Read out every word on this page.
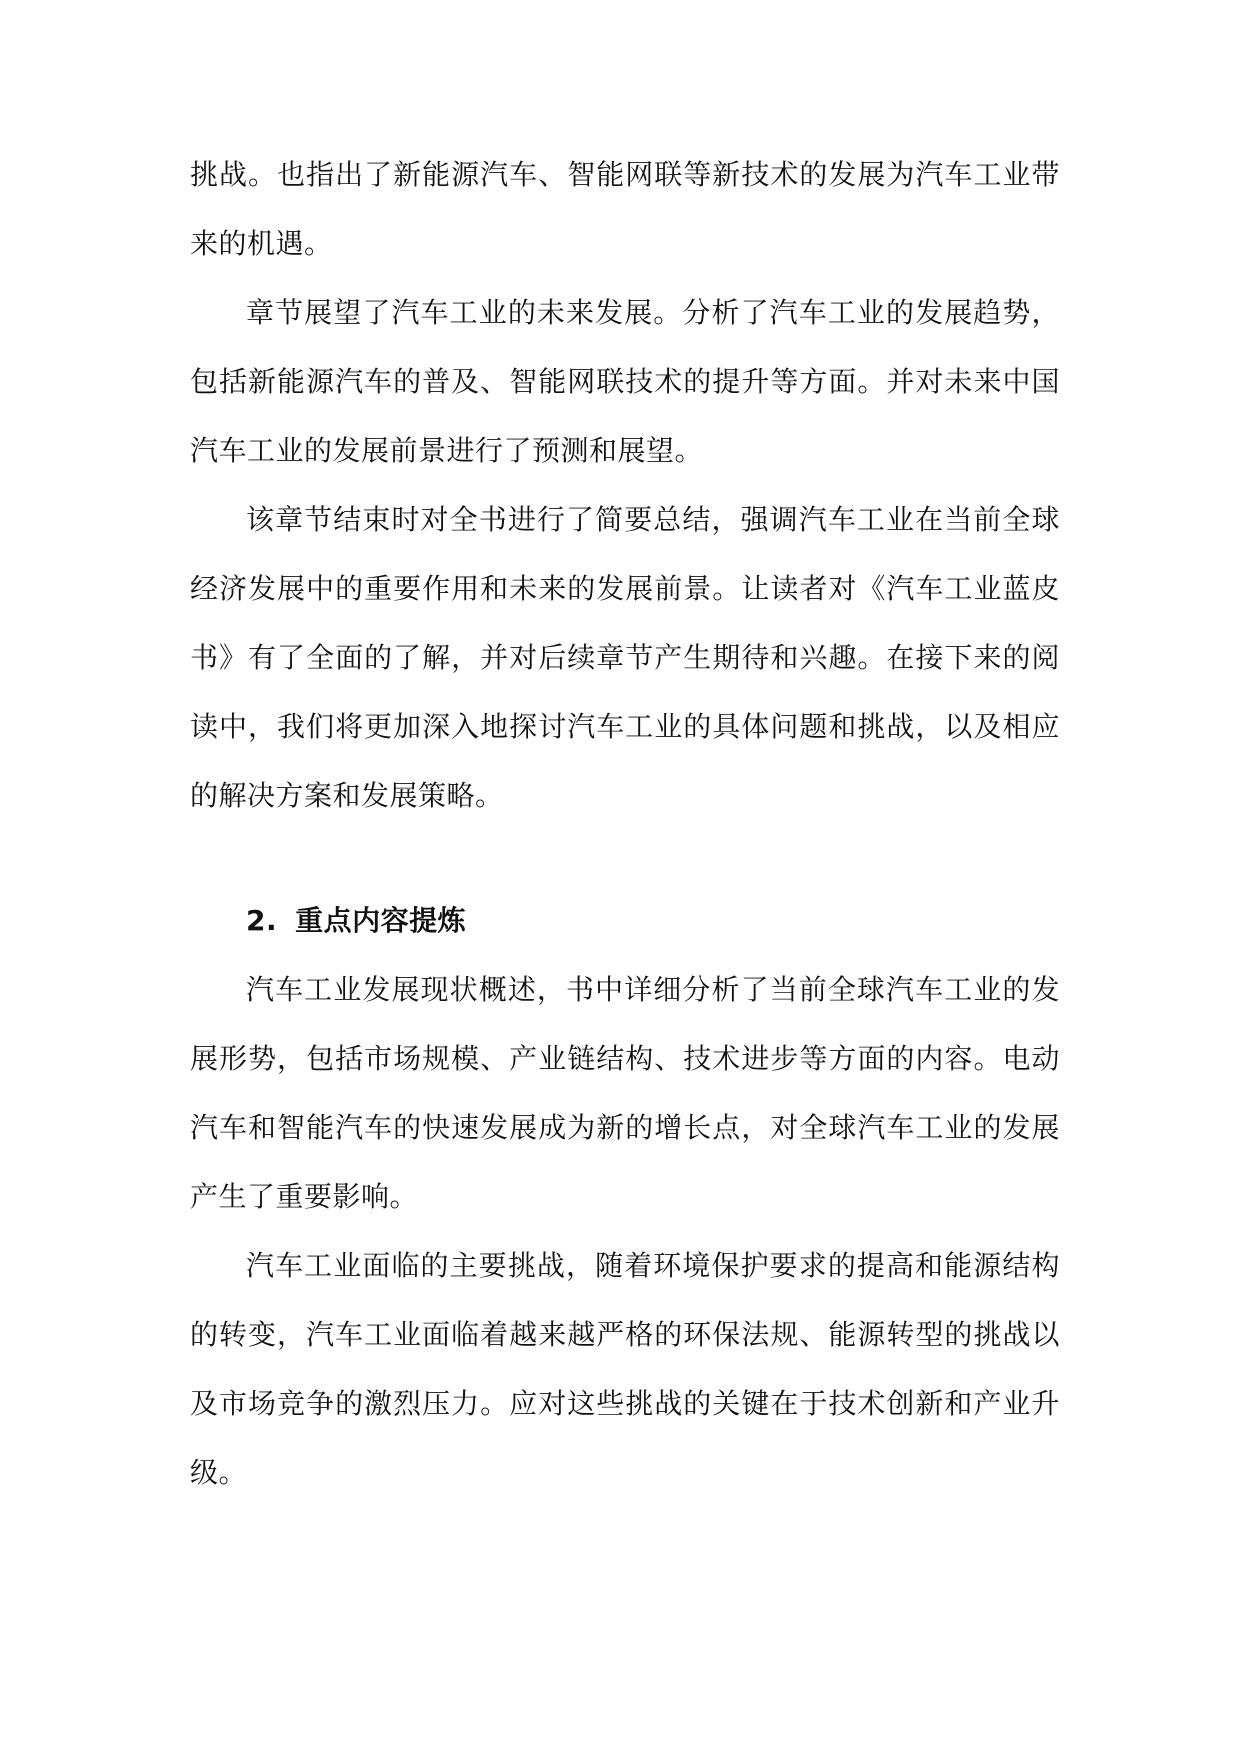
挑战。也指出了新能源汽车、智能网联等新技术的发展为汽车工业带来的机遇。

章节展望了汽车工业的未来发展。分析了汽车工业的发展趋势，包括新能源汽车的普及、智能网联技术的提升等方面。并对未来中国汽车工业的发展前景进行了预测和展望。

该章节结束时对全书进行了简要总结，强调汽车工业在当前全球经济发展中的重要作用和未来的发展前景。让读者对《汽车工业蓝皮书》有了全面的了解，并对后续章节产生期待和兴趣。在接下来的阅读中，我们将更加深入地探讨汽车工业的具体问题和挑战，以及相应的解决方案和发展策略。

2. 重点内容提炼

汽车工业发展现状概述，书中详细分析了当前全球汽车工业的发展形势，包括市场规模、产业链结构、技术进步等方面的内容。电动汽车和智能汽车的快速发展成为新的增长点，对全球汽车工业的发展产生了重要影响。

汽车工业面临的主要挑战，随着环境保护要求的提高和能源结构的转变，汽车工业面临着越来越严格的环保法规、能源转型的挑战以及市场竞争的激烈压力。应对这些挑战的关键在于技术创新和产业升级。
